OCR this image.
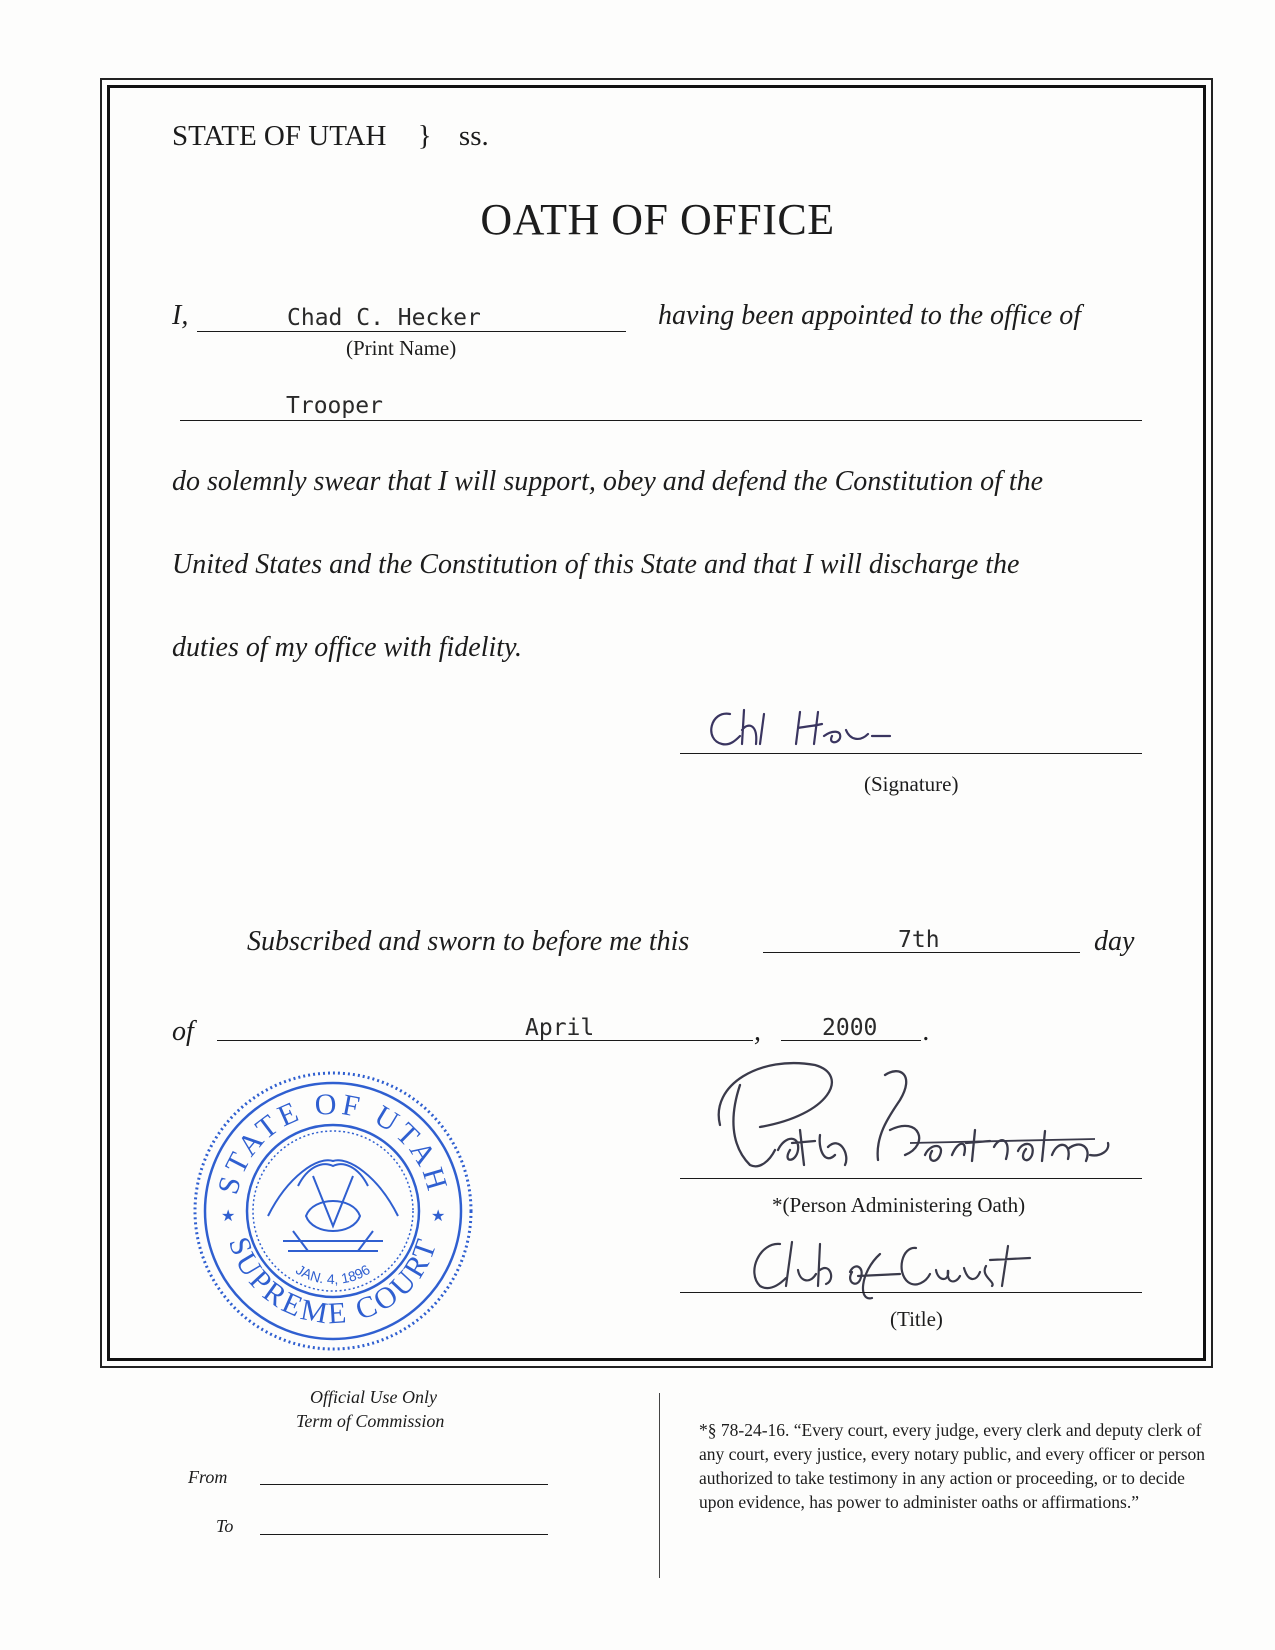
STATE OF UTAH } ss.
OATH OF OFFICE
I,	Chad C. Hecker
(Print Name)
having been appointed to the office of
Trooper
do solemnly swear that I will support, obey and defend the Constitution of the
United States and the Constitution of this State and that I will discharge the
duties of my office with fidelity.
(Signature)
Subscribed and sworn to before me this	7th	day
of	April	,	2000 .
STATE OF UTAH
SUPREME COURT
JAN. 4, 1896
★	★	*(Person Administering Oath)
(Title)
Official Use Only
Term of Commission
From
To
*§ 78-24-16. “Every court, every judge, every clerk and deputy clerk of any court, every justice, every notary public, and every officer or person authorized to take testimony in any action or proceeding, or to decide upon evidence, has power to administer oaths or affirmations.”
